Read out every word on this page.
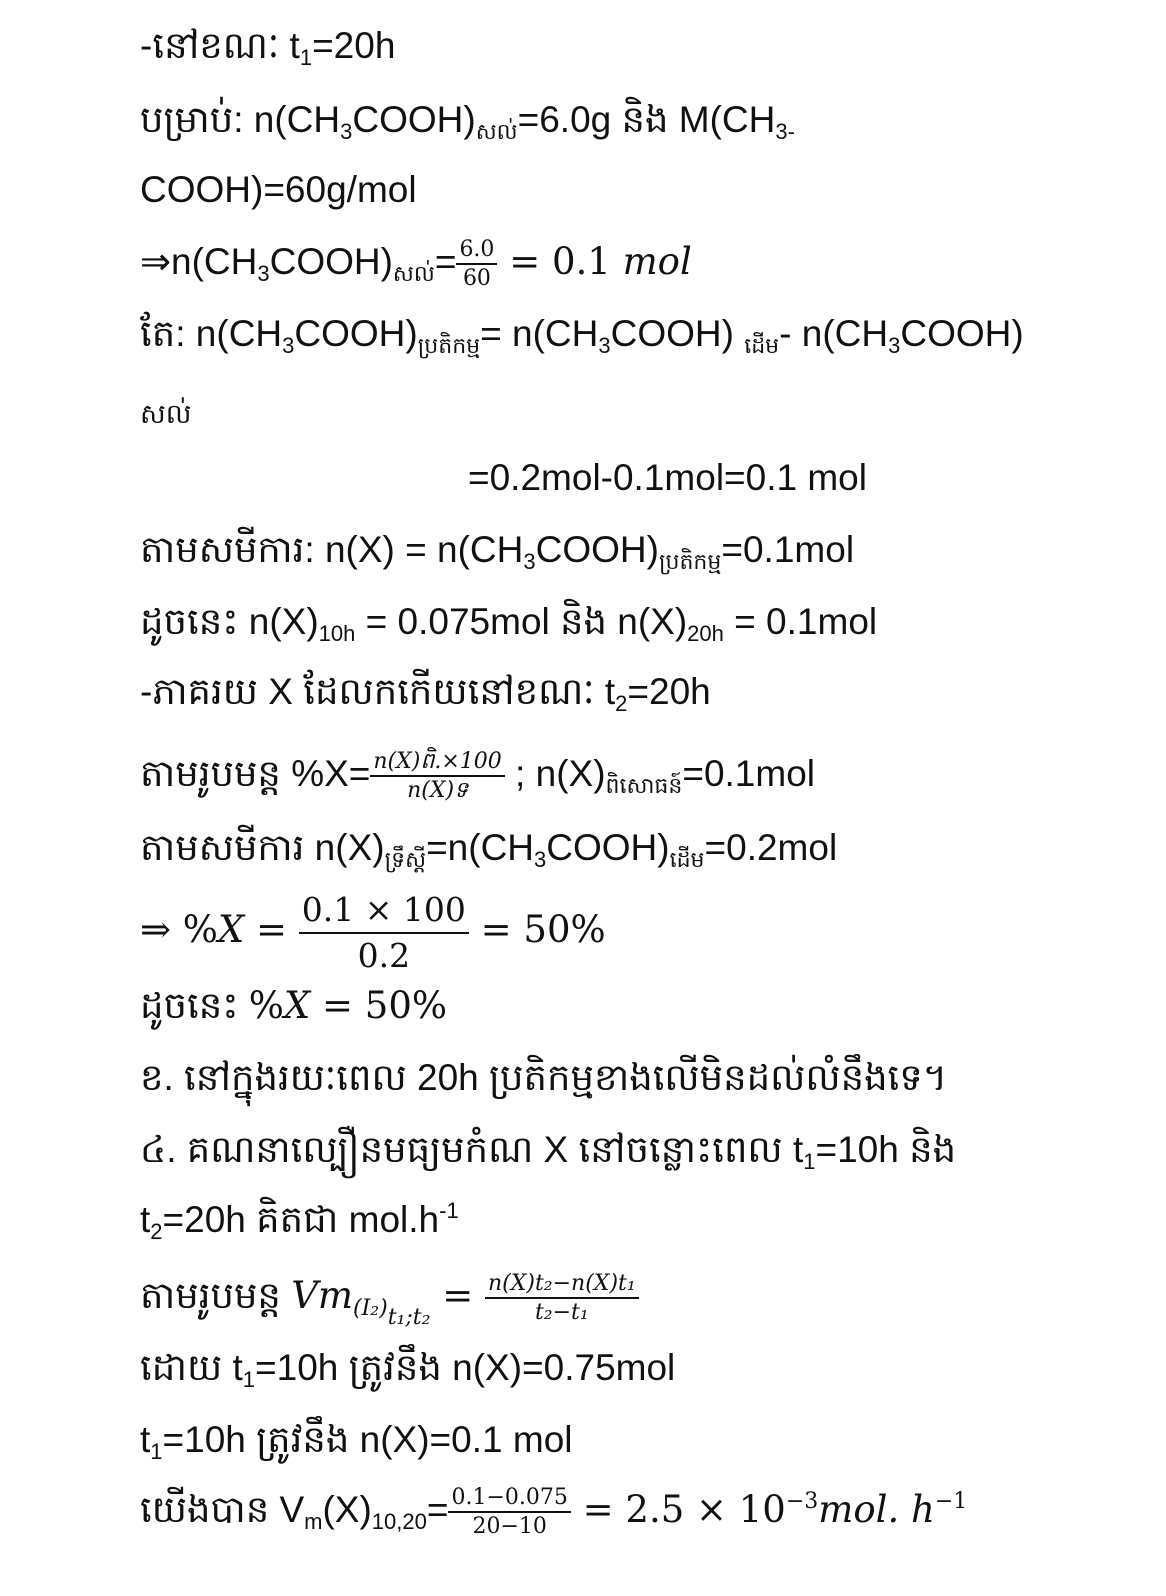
-នៅខណៈ $t_1=20h$
បម្រាប់: $n(CH_3COOH)_{សល់}=6.0g$ និង $M(CH_{3-}$
COOH)=60g/mol
$\Rightarrow n(CH_3COOH)_{សល់}= \frac{6.0}{60} = 0.1$ mol
តែ: $n(CH_3COOH)_{ប្រតិកម្ម}=$ $n(CH_3COOH)$ $_{ដើម}$- $n(CH_3COOH)$
សល់
=0.2mol-0.1mol=0.1 mol
តាមសមីការ: $n(X) = n(CH_3COOH)_{ប្រតិកម្ម}=0.1mol$
ដូចនេះ $n(X)_{10h} = 0.075mol$ និង $n(X)_{20h} = 0.1mol$
-ភាគរយ X ដែលកកើយនៅខណៈ $t_2=20h$
តាមរូបមន្ត $\%X= \frac{\text{n(X)ពិ.×100}}{\text{n(X)ទ}}$ ; $n(X)_{ពិសោធន៍}=0.1mol$
តាមសមីការ $n(X)_{ទ្រឹស្តី}=n(CH_3COOH)_{ដើម}=0.2mol$
⇒ $\%X = \frac{0.1 \times 100}{0.2} = 50\%$
ដូចនេះ %X = 50%
ខ. នៅក្នុងរយៈពេល 20h ប្រតិកម្មខាងលើមិនដល់លំនឹងទេ។
៤. គណនាល្បឿនមធ្យមកំណ X នៅចន្លោះពេល $t_1=10h$ និង
$t_2=20h$ គិតជា $mol.h^{-1}$
តាមរូបមន្ត $Vm_{(I_2)t_1;t_2} = \frac{\text{n(X)t₂−n(X)t₁}}{\text{t₂−t₁}}$
ដោយ $t_1=10h$ ត្រូវនឹង n(X)=0.75mol
$t_1=10h$ ត្រូវនឹង n(X)=0.1 mol
យើងបាន $V_m(X)_{10,20}= \frac{0.1-0.075}{20-10} = 2.5 \times 10^{-3}mol$. $h^{-1}$
